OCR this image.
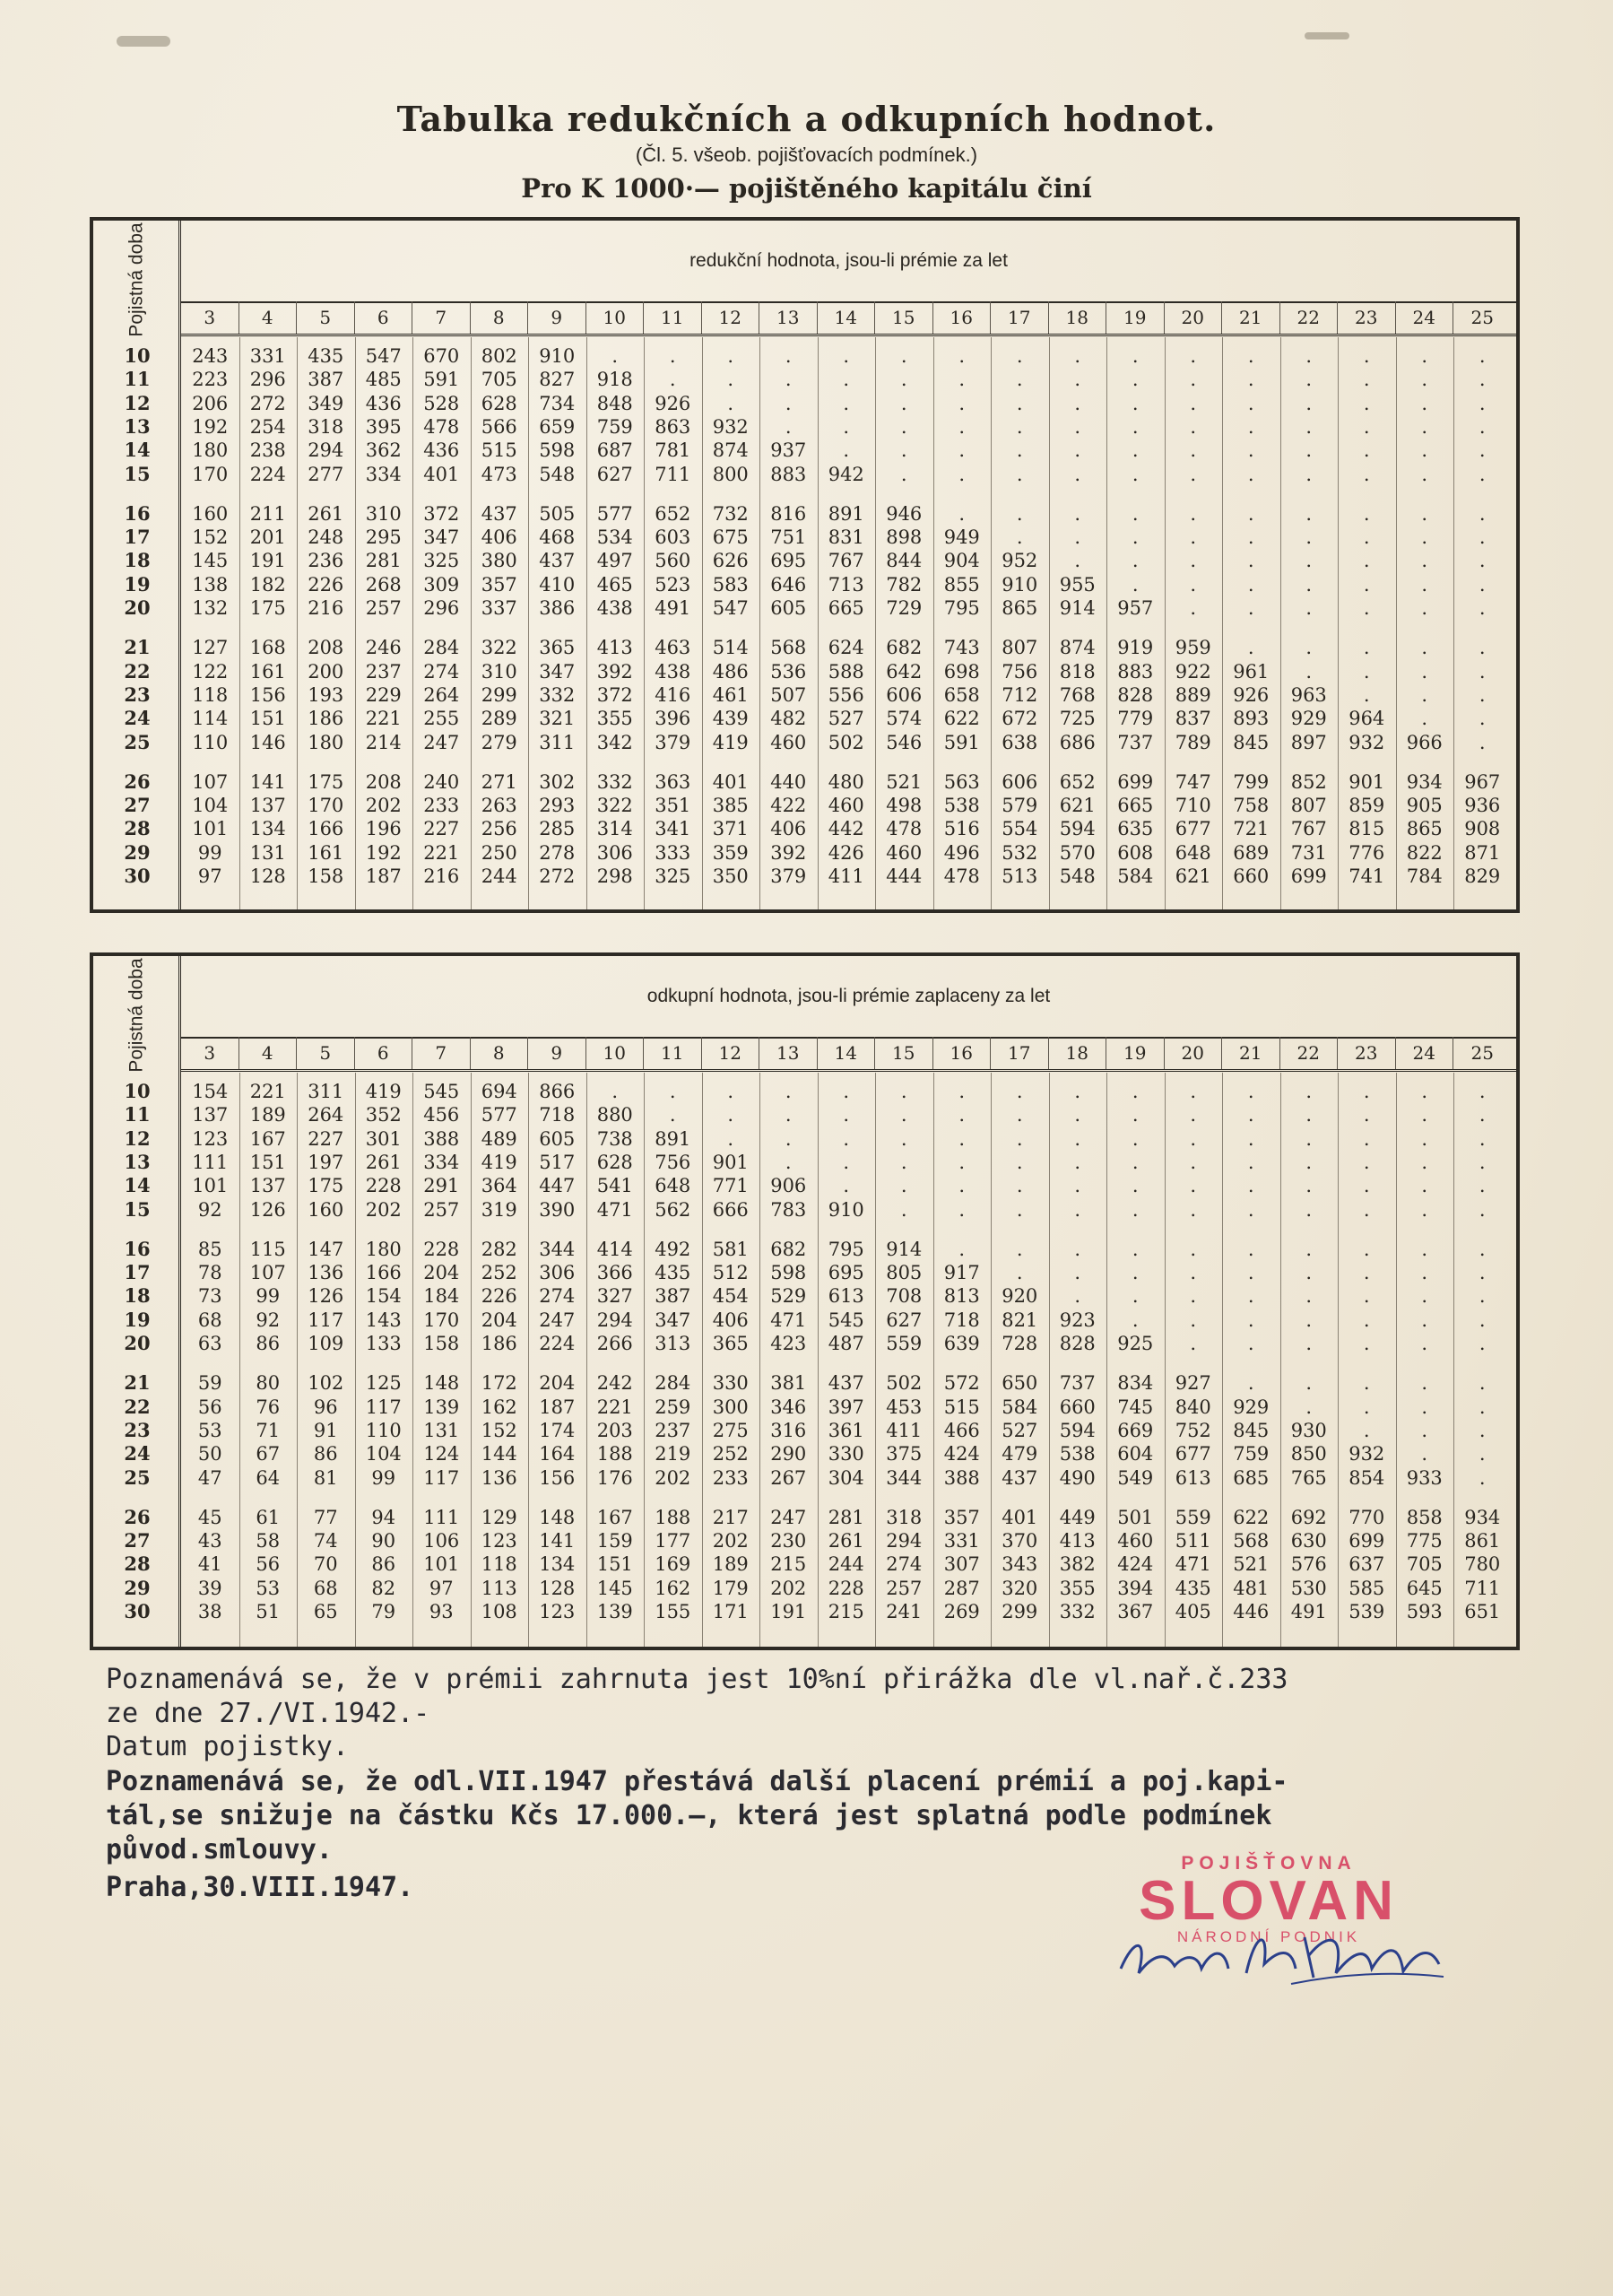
Tabulka redukčních a odkupních hodnot.
(Čl. 5. všeob. pojišťovacích podmínek.)
Pro K 1000·— pojištěného kapitálu činí
Pojistná doba	redukční hodnota, jsou-li prémie za let
3	4	5	6	7	8	9	10	11	12	13	14	15	16	17	18	19	20	21	22	23	24	25
10	243	331	435	547	670	802	910	.	.	.	.	.	.	.	.	.	.	.	.	.	.	.	.
11	223	296	387	485	591	705	827	918	.	.	.	.	.	.	.	.	.	.	.	.	.	.	.
12	206	272	349	436	528	628	734	848	926	.	.	.	.	.	.	.	.	.	.	.	.	.	.
13	192	254	318	395	478	566	659	759	863	932	.	.	.	.	.	.	.	.	.	.	.	.	.
14	180	238	294	362	436	515	598	687	781	874	937	.	.	.	.	.	.	.	.	.	.	.	.
15	170	224	277	334	401	473	548	627	711	800	883	942	.	.	.	.	.	.	.	.	.	.	.
16	160	211	261	310	372	437	505	577	652	732	816	891	946	.	.	.	.	.	.	.	.	.	.
17	152	201	248	295	347	406	468	534	603	675	751	831	898	949	.	.	.	.	.	.	.	.	.
18	145	191	236	281	325	380	437	497	560	626	695	767	844	904	952	.	.	.	.	.	.	.	.
19	138	182	226	268	309	357	410	465	523	583	646	713	782	855	910	955	.	.	.	.	.	.	.
20	132	175	216	257	296	337	386	438	491	547	605	665	729	795	865	914	957	.	.	.	.	.	.
21	127	168	208	246	284	322	365	413	463	514	568	624	682	743	807	874	919	959	.	.	.	.	.
22	122	161	200	237	274	310	347	392	438	486	536	588	642	698	756	818	883	922	961	.	.	.	.
23	118	156	193	229	264	299	332	372	416	461	507	556	606	658	712	768	828	889	926	963	.	.	.
24	114	151	186	221	255	289	321	355	396	439	482	527	574	622	672	725	779	837	893	929	964	.	.
25	110	146	180	214	247	279	311	342	379	419	460	502	546	591	638	686	737	789	845	897	932	966	.
26	107	141	175	208	240	271	302	332	363	401	440	480	521	563	606	652	699	747	799	852	901	934	967
27	104	137	170	202	233	263	293	322	351	385	422	460	498	538	579	621	665	710	758	807	859	905	936
28	101	134	166	196	227	256	285	314	341	371	406	442	478	516	554	594	635	677	721	767	815	865	908
29	99	131	161	192	221	250	278	306	333	359	392	426	460	496	532	570	608	648	689	731	776	822	871
30	97	128	158	187	216	244	272	298	325	350	379	411	444	478	513	548	584	621	660	699	741	784	829
Pojistná doba	odkupní hodnota, jsou-li prémie zaplaceny za let
3	4	5	6	7	8	9	10	11	12	13	14	15	16	17	18	19	20	21	22	23	24	25
10	154	221	311	419	545	694	866	.	.	.	.	.	.	.	.	.	.	.	.	.	.	.	.
11	137	189	264	352	456	577	718	880	.	.	.	.	.	.	.	.	.	.	.	.	.	.	.
12	123	167	227	301	388	489	605	738	891	.	.	.	.	.	.	.	.	.	.	.	.	.	.
13	111	151	197	261	334	419	517	628	756	901	.	.	.	.	.	.	.	.	.	.	.	.	.
14	101	137	175	228	291	364	447	541	648	771	906	.	.	.	.	.	.	.	.	.	.	.	.
15	92	126	160	202	257	319	390	471	562	666	783	910	.	.	.	.	.	.	.	.	.	.	.
16	85	115	147	180	228	282	344	414	492	581	682	795	914	.	.	.	.	.	.	.	.	.	.
17	78	107	136	166	204	252	306	366	435	512	598	695	805	917	.	.	.	.	.	.	.	.	.
18	73	99	126	154	184	226	274	327	387	454	529	613	708	813	920	.	.	.	.	.	.	.	.
19	68	92	117	143	170	204	247	294	347	406	471	545	627	718	821	923	.	.	.	.	.	.	.
20	63	86	109	133	158	186	224	266	313	365	423	487	559	639	728	828	925	.	.	.	.	.	.
21	59	80	102	125	148	172	204	242	284	330	381	437	502	572	650	737	834	927	.	.	.	.	.
22	56	76	96	117	139	162	187	221	259	300	346	397	453	515	584	660	745	840	929	.	.	.	.
23	53	71	91	110	131	152	174	203	237	275	316	361	411	466	527	594	669	752	845	930	.	.	.
24	50	67	86	104	124	144	164	188	219	252	290	330	375	424	479	538	604	677	759	850	932	.	.
25	47	64	81	99	117	136	156	176	202	233	267	304	344	388	437	490	549	613	685	765	854	933	.
26	45	61	77	94	111	129	148	167	188	217	247	281	318	357	401	449	501	559	622	692	770	858	934
27	43	58	74	90	106	123	141	159	177	202	230	261	294	331	370	413	460	511	568	630	699	775	861
28	41	56	70	86	101	118	134	151	169	189	215	244	274	307	343	382	424	471	521	576	637	705	780
29	39	53	68	82	97	113	128	145	162	179	202	228	257	287	320	355	394	435	481	530	585	645	711
30	38	51	65	79	93	108	123	139	155	171	191	215	241	269	299	332	367	405	446	491	539	593	651
Poznamenává se, že v prémii zahrnuta jest 10%ní přirážka dle vl.nař.č.233
ze dne 27./VI.1942.-
Datum pojistky.
Poznamenává se, že odl.VII.1947 přestává další placení prémií a poj.kapi-
tál,se snižuje na částku Kčs 17.000.—, která jest splatná podle podmínek
původ.smlouvy.
Praha,30.VIII.1947.
POJIŠŤOVNA
SLOVAN
NÁRODNÍ PODNIK
